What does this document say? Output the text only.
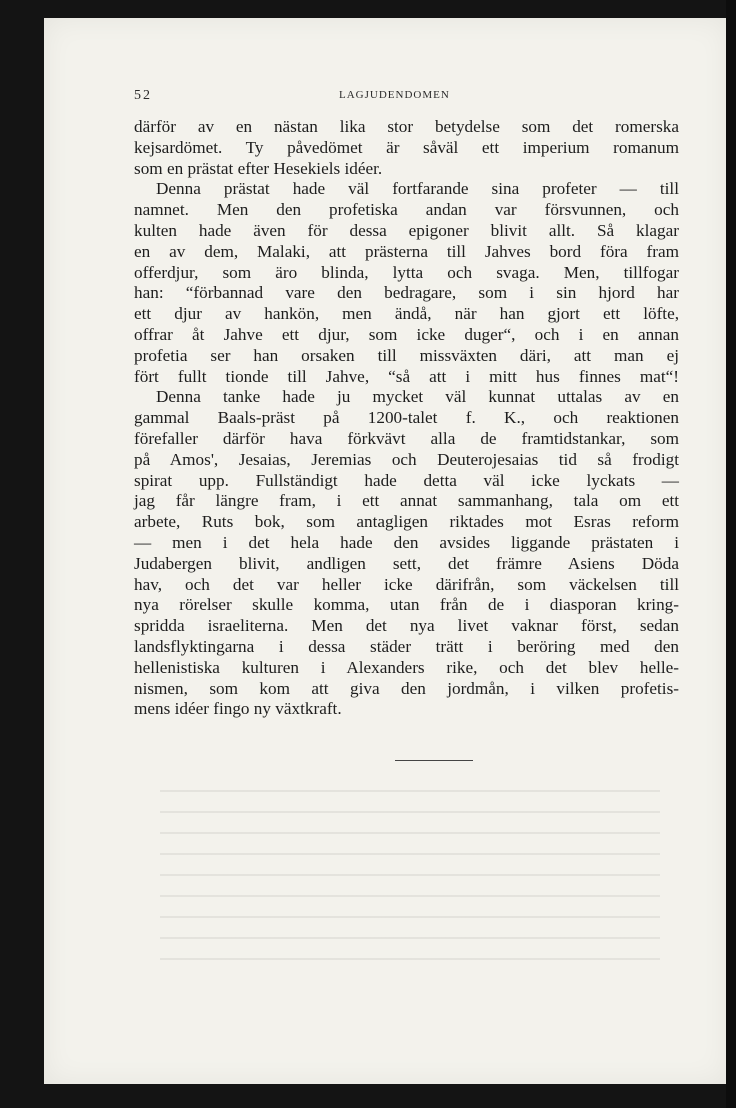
52	LAGJUDENDOMEN
därför av en nästan lika stor betydelse som det romerska
kejsardömet. Ty påvedömet är såväl ett imperium romanum
som en prästat efter Hesekiels idéer.
Denna prästat hade väl fortfarande sina profeter — till
namnet. Men den profetiska andan var försvunnen, och
kulten hade även för dessa epigoner blivit allt. Så klagar
en av dem, Malaki, att prästerna till Jahves bord föra fram
offerdjur, som äro blinda, lytta och svaga. Men, tillfogar
han: “förbannad vare den bedragare, som i sin hjord har
ett djur av hankön, men ändå, när han gjort ett löfte,
offrar åt Jahve ett djur, som icke duger“, och i en annan
profetia ser han orsaken till missväxten däri, att man ej
fört fullt tionde till Jahve, “så att i mitt hus finnes mat“!
Denna tanke hade ju mycket väl kunnat uttalas av en
gammal Baals-präst på 1200-talet f. K., och reaktionen
förefaller därför hava förkvävt alla de framtidstankar, som
på Amos', Jesaias, Jeremias och Deuterojesaias tid så frodigt
spirat upp. Fullständigt hade detta väl icke lyckats —
jag får längre fram, i ett annat sammanhang, tala om ett
arbete, Ruts bok, som antagligen riktades mot Esras reform
— men i det hela hade den avsides liggande prästaten i
Judabergen blivit, andligen sett, det främre Asiens Döda
hav, och det var heller icke därifrån, som väckelsen till
nya rörelser skulle komma, utan från de i diasporan kring-
spridda israeliterna. Men det nya livet vaknar först, sedan
landsflyktingarna i dessa städer trätt i beröring med den
hellenistiska kulturen i Alexanders rike, och det blev helle-
nismen, som kom att giva den jordmån, i vilken profetis-
mens idéer fingo ny växtkraft.
